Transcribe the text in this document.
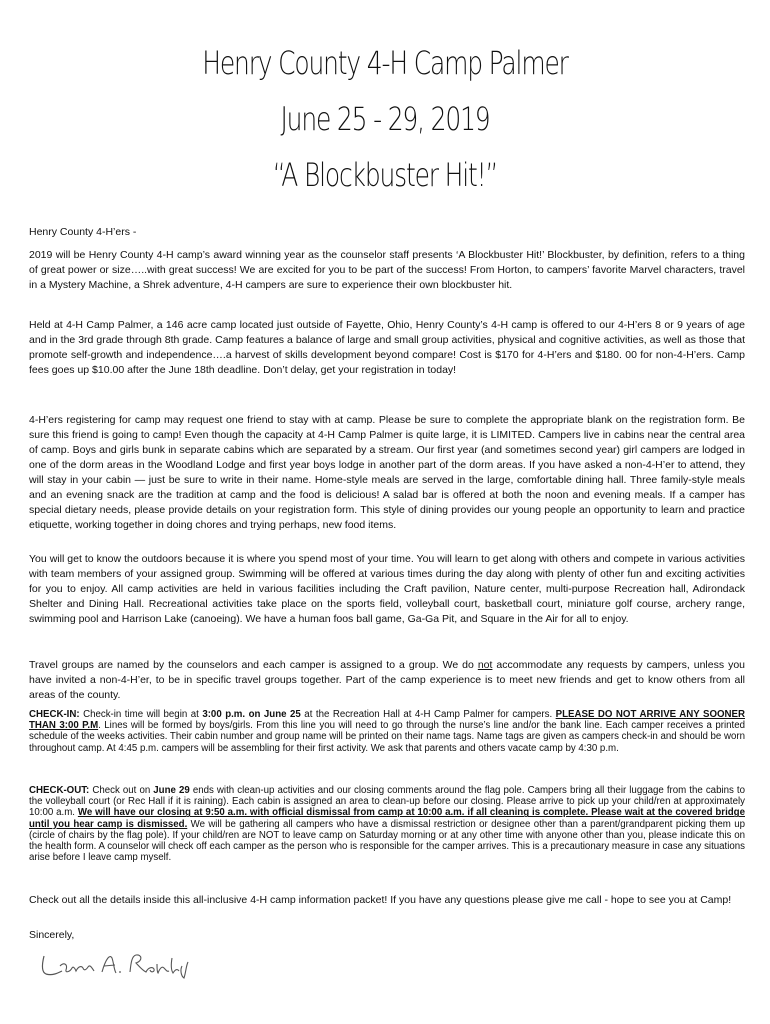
Henry County 4-H Camp Palmer
June 25 - 29, 2019
“A Blockbuster Hit!”

Henry County 4-H’ers -

2019 will be Henry County 4-H camp’s award winning year as the counselor staff presents ‘A Blockbuster Hit!’ Blockbuster, by definition, refers to a thing of great power or size…..with great success! We are excited for you to be part of the success! From Horton, to campers’ favorite Marvel characters, travel in a Mystery Machine, a Shrek adventure, 4-H campers are sure to experience their own blockbuster hit.

Held at 4-H Camp Palmer, a 146 acre camp located just outside of Fayette, Ohio, Henry County’s 4-H camp is offered to our 4-H’ers 8 or 9 years of age and in the 3rd grade through 8th grade. Camp features a balance of large and small group activities, physical and cognitive activities, as well as those that promote self-growth and independence….a harvest of skills development beyond compare! Cost is $170 for 4-H’ers and $180. 00 for non-4-H’ers. Camp fees goes up $10.00 after the June 18th deadline. Don’t delay, get your registration in today!

4-H’ers registering for camp may request one friend to stay with at camp. Please be sure to complete the appropriate blank on the registration form. Be sure this friend is going to camp! Even though the capacity at 4-H Camp Palmer is quite large, it is LIMITED. Campers live in cabins near the central area of camp. Boys and girls bunk in separate cabins which are separated by a stream. Our first year (and sometimes second year) girl campers are lodged in one of the dorm areas in the Woodland Lodge and first year boys lodge in another part of the dorm areas. If you have asked a non-4-H’er to attend, they will stay in your cabin — just be sure to write in their name. Home-style meals are served in the large, comfortable dining hall. Three family-style meals and an evening snack are the tradition at camp and the food is delicious! A salad bar is offered at both the noon and evening meals. If a camper has special dietary needs, please provide details on your registration form. This style of dining provides our young people an opportunity to learn and practice etiquette, working together in doing chores and trying perhaps, new food items.

You will get to know the outdoors because it is where you spend most of your time. You will learn to get along with others and compete in various activities with team members of your assigned group. Swimming will be offered at various times during the day along with plenty of other fun and exciting activities for you to enjoy. All camp activities are held in various facilities including the Craft pavilion, Nature center, multi-purpose Recreation hall, Adirondack Shelter and Dining Hall. Recreational activities take place on the sports field, volleyball court, basketball court, miniature golf course, archery range, swimming pool and Harrison Lake (canoeing). We have a human foos ball game, Ga-Ga Pit, and Square in the Air for all to enjoy.

Travel groups are named by the counselors and each camper is assigned to a group. We do not accommodate any requests by campers, unless you have invited a non-4-H’er, to be in specific travel groups together. Part of the camp experience is to meet new friends and get to know others from all areas of the county.

CHECK-IN: Check-in time will begin at 3:00 p.m. on June 25 at the Recreation Hall at 4-H Camp Palmer for campers. PLEASE DO NOT ARRIVE ANY SOONER THAN 3:00 P.M. Lines will be formed by boys/girls. From this line you will need to go through the nurse’s line and/or the bank line. Each camper receives a printed schedule of the weeks activities. Their cabin number and group name will be printed on their name tags. Name tags are given as campers check-in and should be worn throughout camp. At 4:45 p.m. campers will be assembling for their first activity. We ask that parents and others vacate camp by 4:30 p.m.

CHECK-OUT: Check out on June 29 ends with clean-up activities and our closing comments around the flag pole. Campers bring all their luggage from the cabins to the volleyball court (or Rec Hall if it is raining). Each cabin is assigned an area to clean-up before our closing. Please arrive to pick up your child/ren at approximately 10:00 a.m. We will have our closing at 9:50 a.m. with official dismissal from camp at 10:00 a.m. if all cleaning is complete. Please wait at the covered bridge until you hear camp is dismissed. We will be gathering all campers who have a dismissal restriction or designee other than a parent/grandparent picking them up (circle of chairs by the flag pole). If your child/ren are NOT to leave camp on Saturday morning or at any other time with anyone other than you, please indicate this on the health form. A counselor will check off each camper as the person who is responsible for the camper arrives. This is a precautionary measure in case any situations arise before I leave camp myself.

Check out all the details inside this all-inclusive 4-H camp information packet! If you have any questions please give me call - hope to see you at Camp!

Sincerely,
